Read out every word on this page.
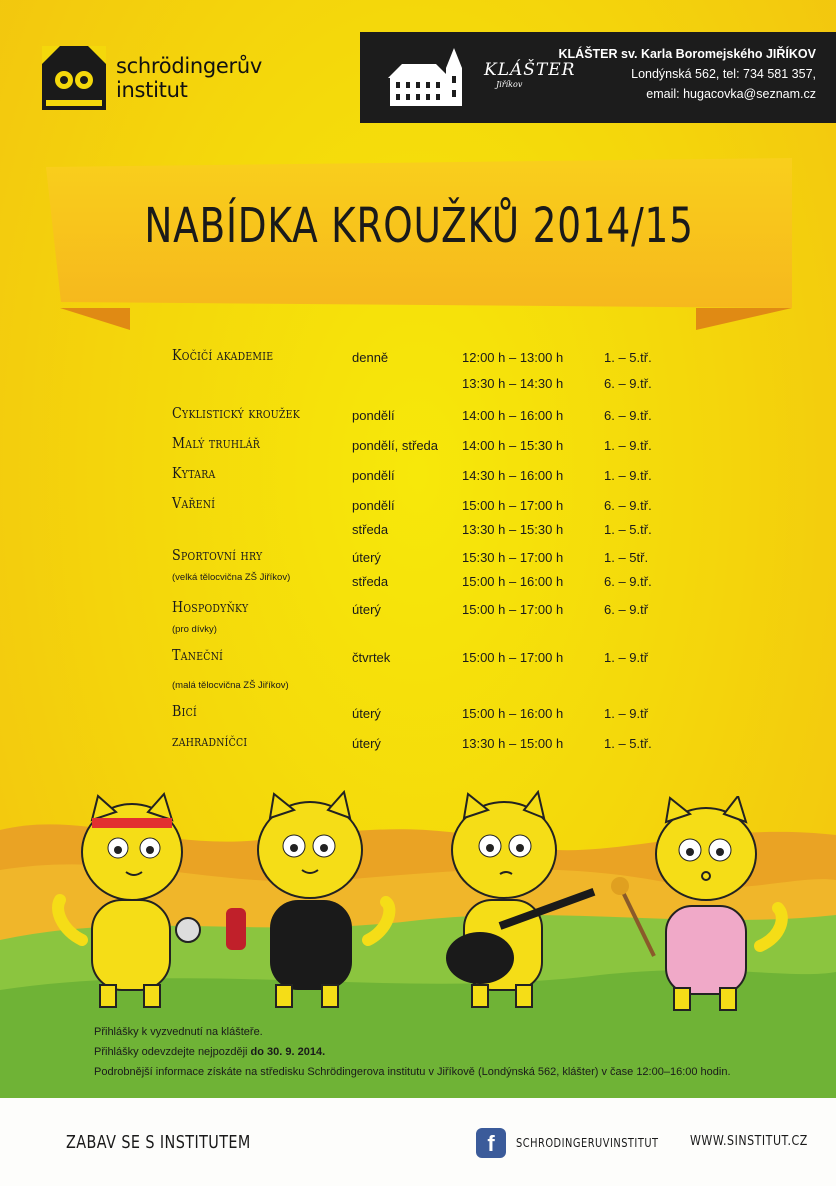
schrödingerův
institut
KLÁŠTER
Jiříkov
KLÁŠTER sv. Karla Boromejského JIŘÍKOV
Londýnská 562, tel: 734 581 357,
email: hugacovka@seznam.cz
NABÍDKA KROUŽKŮ 2014/15
Kočičí akademie	denně	12:00 h – 13:00 h	1. – 5.tř.
13:30 h – 14:30 h	6. – 9.tř.
Cyklistický kroužek	pondělí	14:00 h – 16:00 h	6. – 9.tř.
Malý truhlář	pondělí, středa 14:00 h – 15:30 h	1. – 9.tř.
Kytara	pondělí	14:30 h – 16:00 h	1. – 9.tř.
Vaření	pondělí	15:00 h – 17:00 h	6. – 9.tř.
středa	13:30 h – 15:30 h	1. – 5.tř.
Sportovní hry	úterý	15:30 h – 17:00 h	1. – 5tř.
(velká tělocvična ZŠ Jiříkov)	středa	15:00 h – 16:00 h	6. – 9.tř.
Hospodyňky	úterý	15:00 h – 17:00 h	6. – 9.tř
(pro dívky)
Taneční	čtvrtek	15:00 h – 17:00 h	1. – 9.tř
(malá tělocvična ZŠ Jiříkov)
Bicí	úterý	15:00 h – 16:00 h	1. – 9.tř
zahradníčci	úterý	13:30 h – 15:00 h	1. – 5.tř.
Přihlášky k vyzvednutí na klášteře.
Přihlášky odevzdejte nejpozději do 30. 9. 2014.
Podrobnější informace získáte na středisku Schrödingerova institutu v Jiříkově (Londýnská 562, klášter) v čase 12:00–16:00 hodin.
ZABAV SE S INSTITUTEM	f	SCHRODINGERUVINSTITUT WWW.SINSTITUT.CZ
